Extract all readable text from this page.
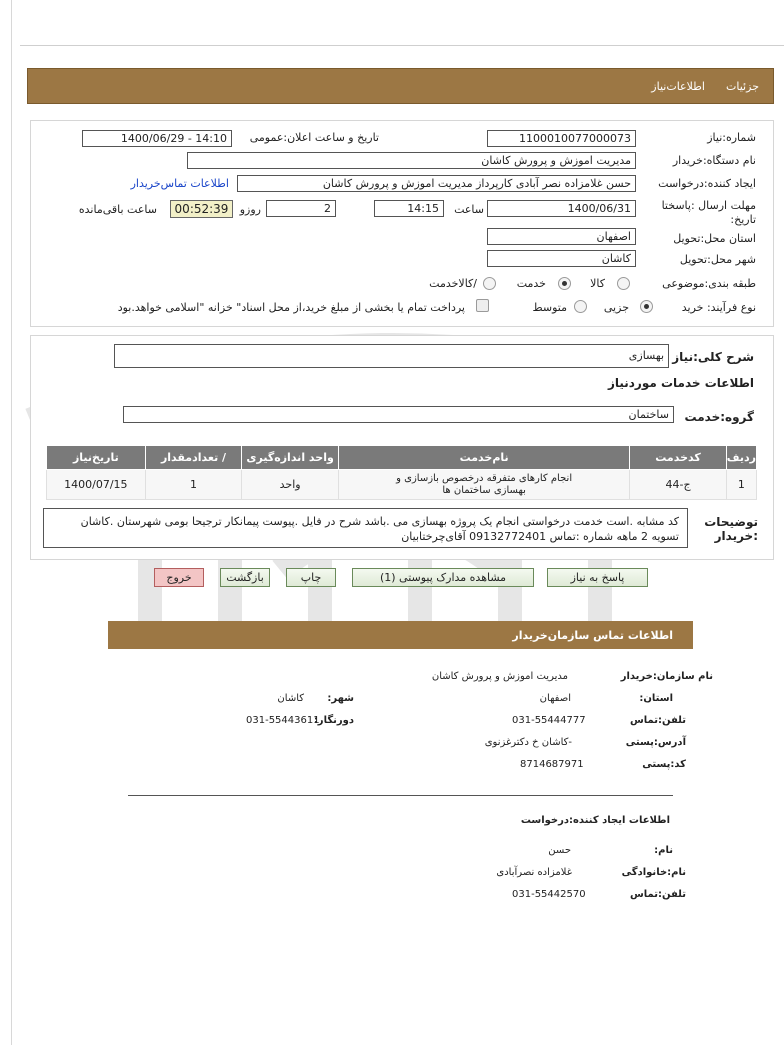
جزئیات
اطلاعات‌نیاز
شماره:نیاز
1100010077000073
تاریخ و ساعت اعلان:عمومی
1400/06/29 - 14:10
نام دستگاه:خریدار
مدیریت اموزش و پرورش کاشان
ایجاد کننده:درخواست
حسن غلامزاده نصر آبادی کارپرداز مدیریت اموزش و پرورش کاشان
اطلاعات تماس‌خریدار
مهلت ارسال :پاسختا تاریخ:
1400/06/31
ساعت
14:15
2
روزو
00:52:39
ساعت باقی‌مانده
استان محل:تحویل
اصفهان
شهر محل:تحویل
کاشان
طبقه بندی:موضوعی
کالا
خدمت
/کالاخدمت
نوع فرآیند: خرید
جزیی
متوسط
پرداخت تمام یا بخشی از مبلغ خرید،از محل اسناد" خزانه "اسلامی خواهد.بود
شرح کلی:نیاز
بهسازی
اطلاعات خدمات موردنیاز
گروه:خدمت
ساختمان
ردیف	کدخدمت	نام‌خدمت	واحد اندازه‌گیری	/ تعدادمقدار	تاریخ‌نیاز
1	ج-44	انجام کارهای متفرقه درخصوص بازسازی و بهسازی ساختمان ها	واحد	1	1400/07/15
توضیحات :خریدار
کد مشابه .است خدمت درخواستی انجام یک پروژه بهسازی می .باشد شرح در فایل .پیوست پیمانکار ترجیحا بومی شهرستان .کاشان تسویه 2 ماهه شماره :تماس 09132772401 آقای‌چرختابیان
پاسخ به نیاز
مشاهده مدارک پیوستی (1)
چاپ
بازگشت
خروج
اطلاعات تماس سازمان‌خریدار
نام سازمان:خریدار
مدیریت اموزش و پرورش کاشان
استان:
اصفهان
شهر:
کاشان
تلفن:تماس
031-55444777
دورنگار:
031-55443611
آدرس:پستی
-کاشان خ دکترغزنوی
کد:پستی
8714687971
اطلاعات ایجاد کننده:درخواست
نام:
حسن
نام:خانوادگی
غلامزاده نصرآبادی
تلفن:تماس
031-55442570
